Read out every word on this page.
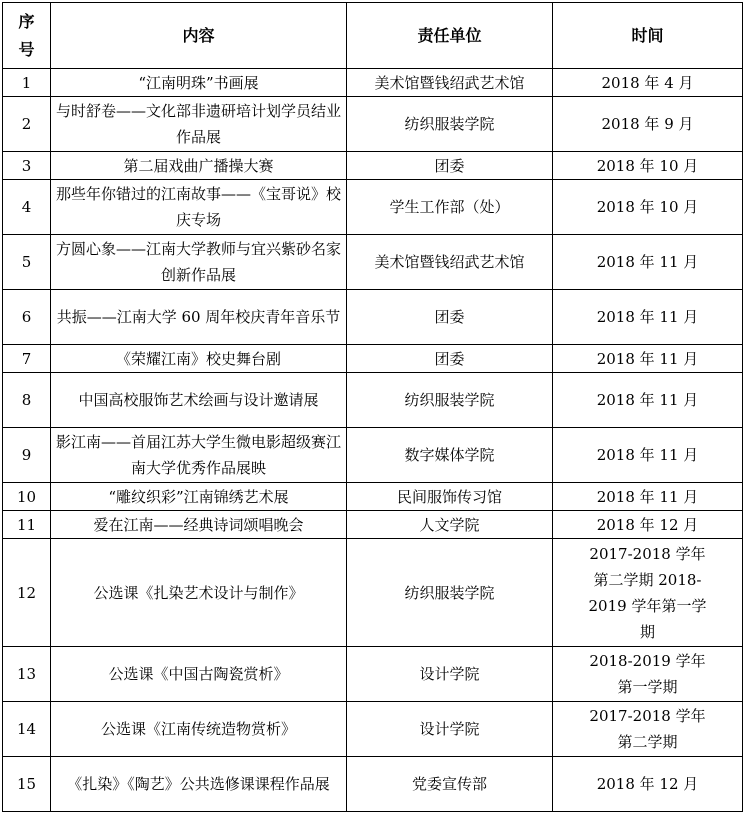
序号	内容	责任单位	时间
1	“江南明珠”书画展	美术馆暨钱绍武艺术馆	2018 年 4 月
2	与时舒卷——文化部非遗研培计划学员结业作品展	纺织服装学院	2018 年 9 月
3	第二届戏曲广播操大赛	团委	2018 年 10 月
4	那些年你错过的江南故事——《宝哥说》校庆专场	学生工作部（处）	2018 年 10 月
5	方圆心象——江南大学教师与宜兴紫砂名家创新作品展	美术馆暨钱绍武艺术馆	2018 年 11 月
6	共振——江南大学 60 周年校庆青年音乐节	团委	2018 年 11 月
7	《荣耀江南》校史舞台剧	团委	2018 年 11 月
8	中国高校服饰艺术绘画与设计邀请展	纺织服装学院	2018 年 11 月
9	影江南——首届江苏大学生微电影超级赛江南大学优秀作品展映	数字媒体学院	2018 年 11 月
10	“雕纹织彩”江南锦绣艺术展	民间服饰传习馆	2018 年 11 月
11	爱在江南——经典诗词颂唱晚会	人文学院	2018 年 12 月
12	公选课《扎染艺术设计与制作》	纺织服装学院	2017-2018 学年第二学期 2018-2019 学年第一学期
13	公选课《中国古陶瓷赏析》	设计学院	2018-2019 学年第一学期
14	公选课《江南传统造物赏析》	设计学院	2017-2018 学年第二学期
15	《扎染》《陶艺》公共选修课课程作品展	党委宣传部	2018 年 12 月
